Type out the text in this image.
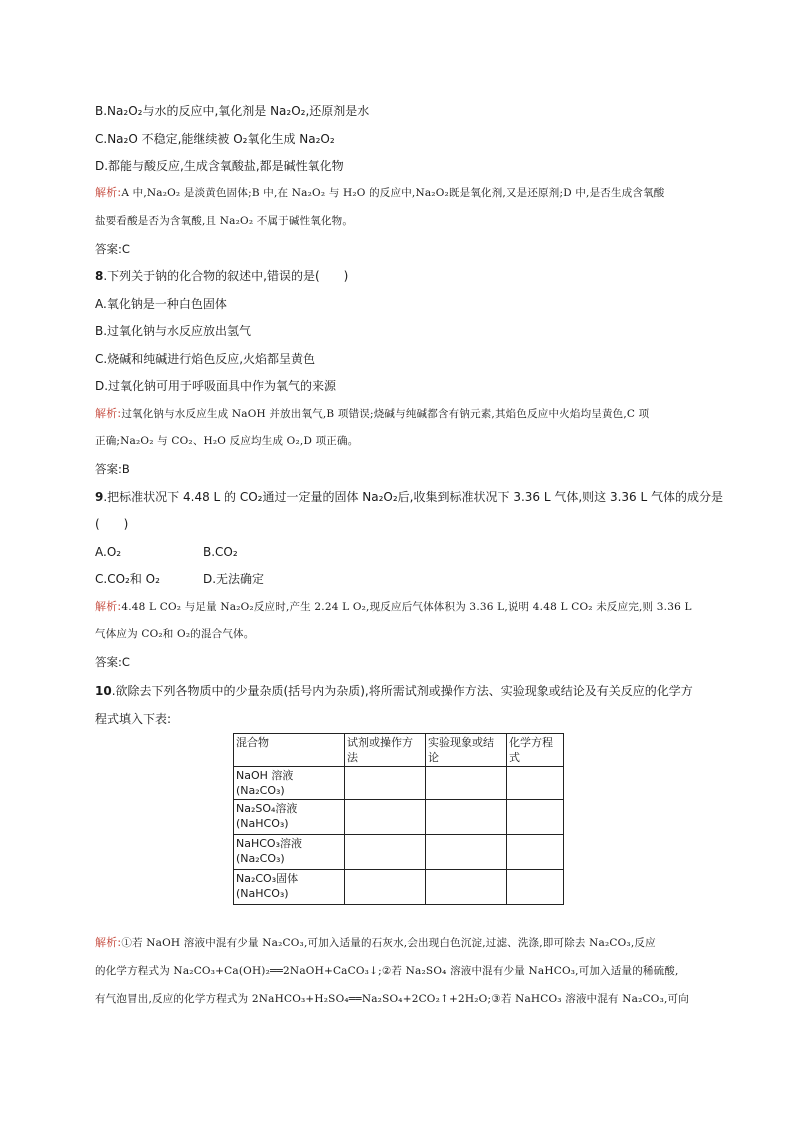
B.Na₂O₂与水的反应中,氧化剂是 Na₂O₂,还原剂是水
C.Na₂O 不稳定,能继续被 O₂氧化生成 Na₂O₂
D.都能与酸反应,生成含氧酸盐,都是碱性氧化物
解析:A 中,Na₂O₂ 是淡黄色固体;B 中,在 Na₂O₂ 与 H₂O 的反应中,Na₂O₂既是氧化剂,又是还原剂;D 中,是否生成含氧酸
盐要看酸是否为含氧酸,且 Na₂O₂ 不属于碱性氧化物。
答案:C
8.下列关于钠的化合物的叙述中,错误的是(　　)
A.氧化钠是一种白色固体
B.过氧化钠与水反应放出氢气
C.烧碱和纯碱进行焰色反应,火焰都呈黄色
D.过氧化钠可用于呼吸面具中作为氧气的来源
解析:过氧化钠与水反应生成 NaOH 并放出氧气,B 项错误;烧碱与纯碱都含有钠元素,其焰色反应中火焰均呈黄色,C 项
正确;Na₂O₂ 与 CO₂、H₂O 反应均生成 O₂,D 项正确。
答案:B
9.把标准状况下 4.48 L 的 CO₂通过一定量的固体 Na₂O₂后,收集到标准状况下 3.36 L 气体,则这 3.36 L 气体的成分是
(　　)
A.O₂	B.CO₂
C.CO₂和 O₂	D.无法确定
解析:4.48 L CO₂ 与足量 Na₂O₂反应时,产生 2.24 L O₂,现反应后气体体积为 3.36 L,说明 4.48 L CO₂ 未反应完,则 3.36 L
气体应为 CO₂和 O₂的混合气体。
答案:C
10.欲除去下列各物质中的少量杂质(括号内为杂质),将所需试剂或操作方法、实验现象或结论及有关反应的化学方
程式填入下表:
混合物	试剂或操作方法	实验现象或结论	化学方程式
NaOH 溶液(Na₂CO₃)			
Na₂SO₄溶液(NaHCO₃)			
NaHCO₃溶液(Na₂CO₃)			
Na₂CO₃固体(NaHCO₃)			
解析:①若 NaOH 溶液中混有少量 Na₂CO₃,可加入适量的石灰水,会出现白色沉淀,过滤、洗涤,即可除去 Na₂CO₃,反应
的化学方程式为 Na₂CO₃+Ca(OH)₂══2NaOH+CaCO₃↓;②若 Na₂SO₄ 溶液中混有少量 NaHCO₃,可加入适量的稀硫酸,
有气泡冒出,反应的化学方程式为 2NaHCO₃+H₂SO₄══Na₂SO₄+2CO₂↑+2H₂O;③若 NaHCO₃ 溶液中混有 Na₂CO₃,可向
